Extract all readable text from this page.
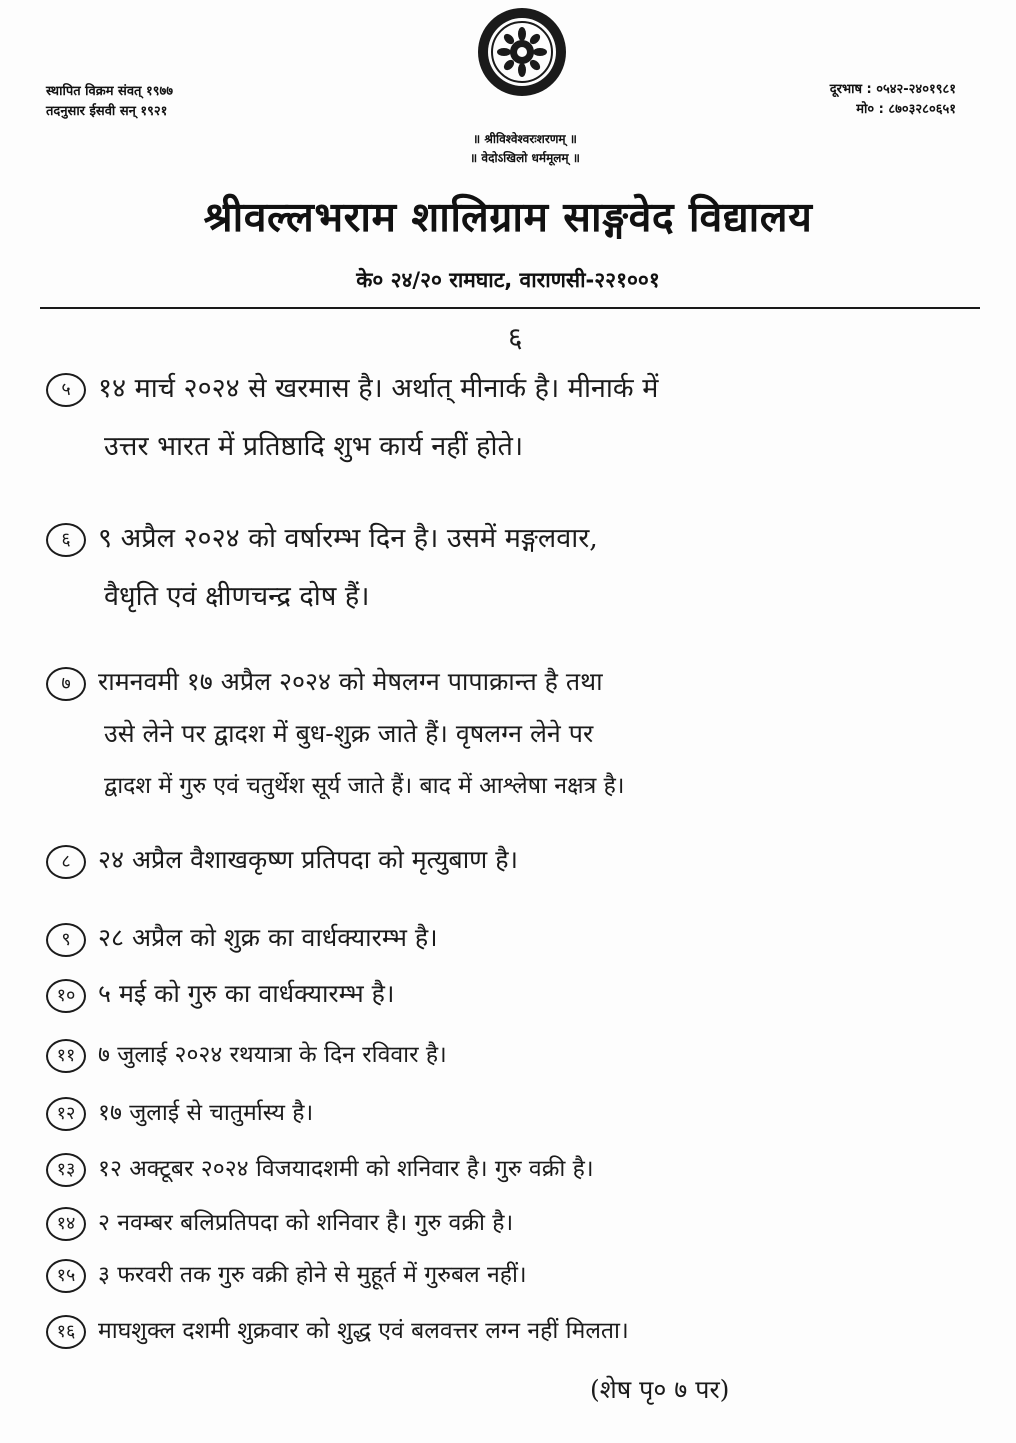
स्थापित विक्रम संवत् १९७७
तदनुसार ईसवी सन् १९२१
दूरभाष : ०५४२-२४०१९८१
मो० : ८७०३२८०६५१
॥ श्रीविश्वेश्वरःशरणम् ॥
॥ वेदोऽखिलो धर्ममूलम् ॥
श्रीवल्लभराम शालिग्राम साङ्गवेद विद्यालय
के० २४/२० रामघाट, वाराणसी-२२१००१
६
५ १४ मार्च २०२४ से खरमास है। अर्थात् मीनार्क है। मीनार्क में
उत्तर भारत में प्रतिष्ठादि शुभ कार्य नहीं होते।
६ ९ अप्रैल २०२४ को वर्षारम्भ दिन है। उसमें मङ्गलवार,
वैधृति एवं क्षीणचन्द्र दोष हैं।
७ रामनवमी १७ अप्रैल २०२४ को मेषलग्न पापाक्रान्त है तथा
उसे लेने पर द्वादश में बुध-शुक्र जाते हैं। वृषलग्न लेने पर
द्वादश में गुरु एवं चतुर्थेश सूर्य जाते हैं। बाद में आश्लेषा नक्षत्र है।
८ २४ अप्रैल वैशाखकृष्ण प्रतिपदा को मृत्युबाण है।
९ २८ अप्रैल को शुक्र का वार्धक्यारम्भ है।
१० ५ मई को गुरु का वार्धक्यारम्भ है।
११ ७ जुलाई २०२४ रथयात्रा के दिन रविवार है।
१२ १७ जुलाई से चातुर्मास्य है।
१३ १२ अक्टूबर २०२४ विजयादशमी को शनिवार है। गुरु वक्री है।
१४ २ नवम्बर बलिप्रतिपदा को शनिवार है। गुरु वक्री है।
१५ ३ फरवरी तक गुरु वक्री होने से मुहूर्त में गुरुबल नहीं।
१६ माघशुक्ल दशमी शुक्रवार को शुद्ध एवं बलवत्तर लग्न नहीं मिलता।
(शेष पृ० ७ पर)
